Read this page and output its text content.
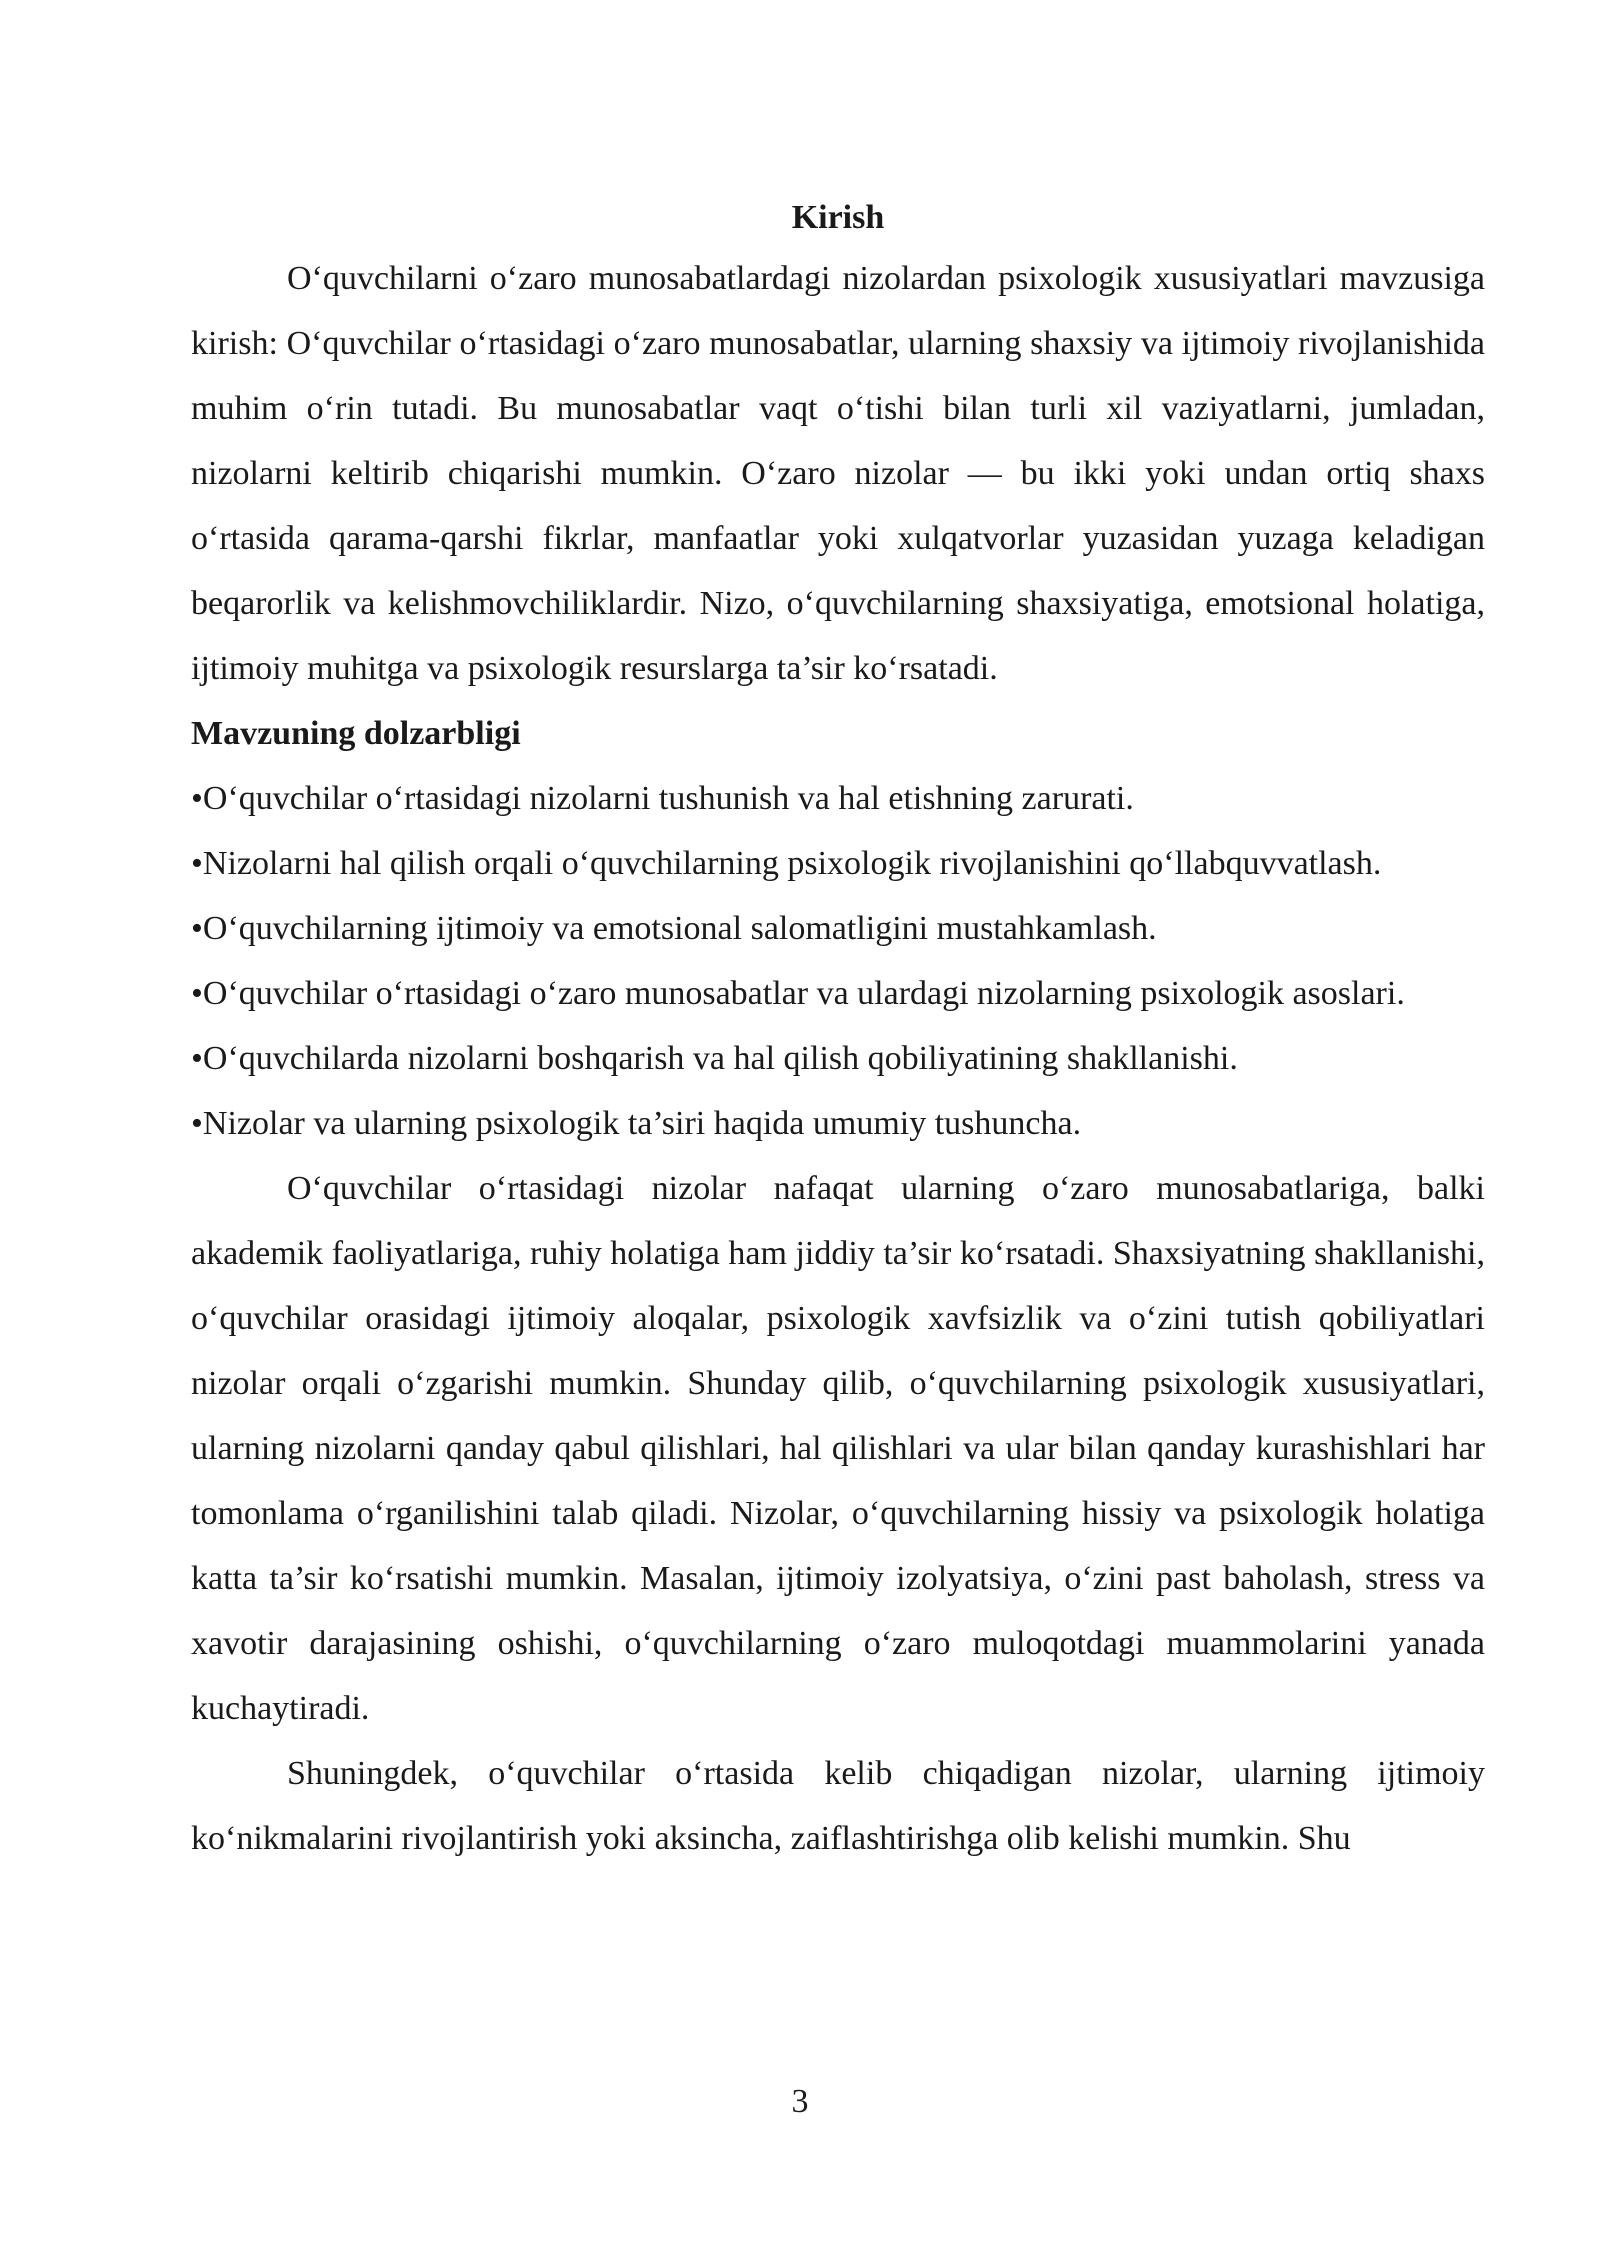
Kirish

O‘quvchilarni o‘zaro munosabatlardagi nizolardan psixologik xususiyatlari mavzusiga kirish: O‘quvchilar o‘rtasidagi o‘zaro munosabatlar, ularning shaxsiy va ijtimoiy rivojlanishida muhim o‘rin tutadi. Bu munosabatlar vaqt o‘tishi bilan turli xil vaziyatlarni, jumladan, nizolarni keltirib chiqarishi mumkin. O‘zaro nizolar — bu ikki yoki undan ortiq shaxs o‘rtasida qarama-qarshi fikrlar, manfaatlar yoki xulqatvorlar yuzasidan yuzaga keladigan beqarorlik va kelishmovchiliklardir. Nizo, o‘quvchilarning shaxsiyatiga, emotsional holatiga, ijtimoiy muhitga va psixologik resurslarga ta’sir ko‘rsatadi.

Mavzuning dolzarbligi

•O‘quvchilar o‘rtasidagi nizolarni tushunish va hal etishning zarurati.

•Nizolarni hal qilish orqali o‘quvchilarning psixologik rivojlanishini qo‘llabquvvatlash.

•O‘quvchilarning ijtimoiy va emotsional salomatligini mustahkamlash.

•O‘quvchilar o‘rtasidagi o‘zaro munosabatlar va ulardagi nizolarning psixologik asoslari.

•O‘quvchilarda nizolarni boshqarish va hal qilish qobiliyatining shakllanishi.

•Nizolar va ularning psixologik ta’siri haqida umumiy tushuncha.

O‘quvchilar o‘rtasidagi nizolar nafaqat ularning o‘zaro munosabatlariga, balki akademik faoliyatlariga, ruhiy holatiga ham jiddiy ta’sir ko‘rsatadi. Shaxsiyatning shakllanishi, o‘quvchilar orasidagi ijtimoiy aloqalar, psixologik xavfsizlik va o‘zini tutish qobiliyatlari nizolar orqali o‘zgarishi mumkin. Shunday qilib, o‘quvchilarning psixologik xususiyatlari, ularning nizolarni qanday qabul qilishlari, hal qilishlari va ular bilan qanday kurashishlari har tomonlama o‘rganilishini talab qiladi. Nizolar, o‘quvchilarning hissiy va psixologik holatiga katta ta’sir ko‘rsatishi mumkin. Masalan, ijtimoiy izolyatsiya, o‘zini past baholash, stress va xavotir darajasining oshishi, o‘quvchilarning o‘zaro muloqotdagi muammolarini yanada kuchaytiradi.

Shuningdek, o‘quvchilar o‘rtasida kelib chiqadigan nizolar, ularning ijtimoiy ko‘nikmalarini rivojlantirish yoki aksincha, zaiflashtirishga olib kelishi mumkin. Shu

3
